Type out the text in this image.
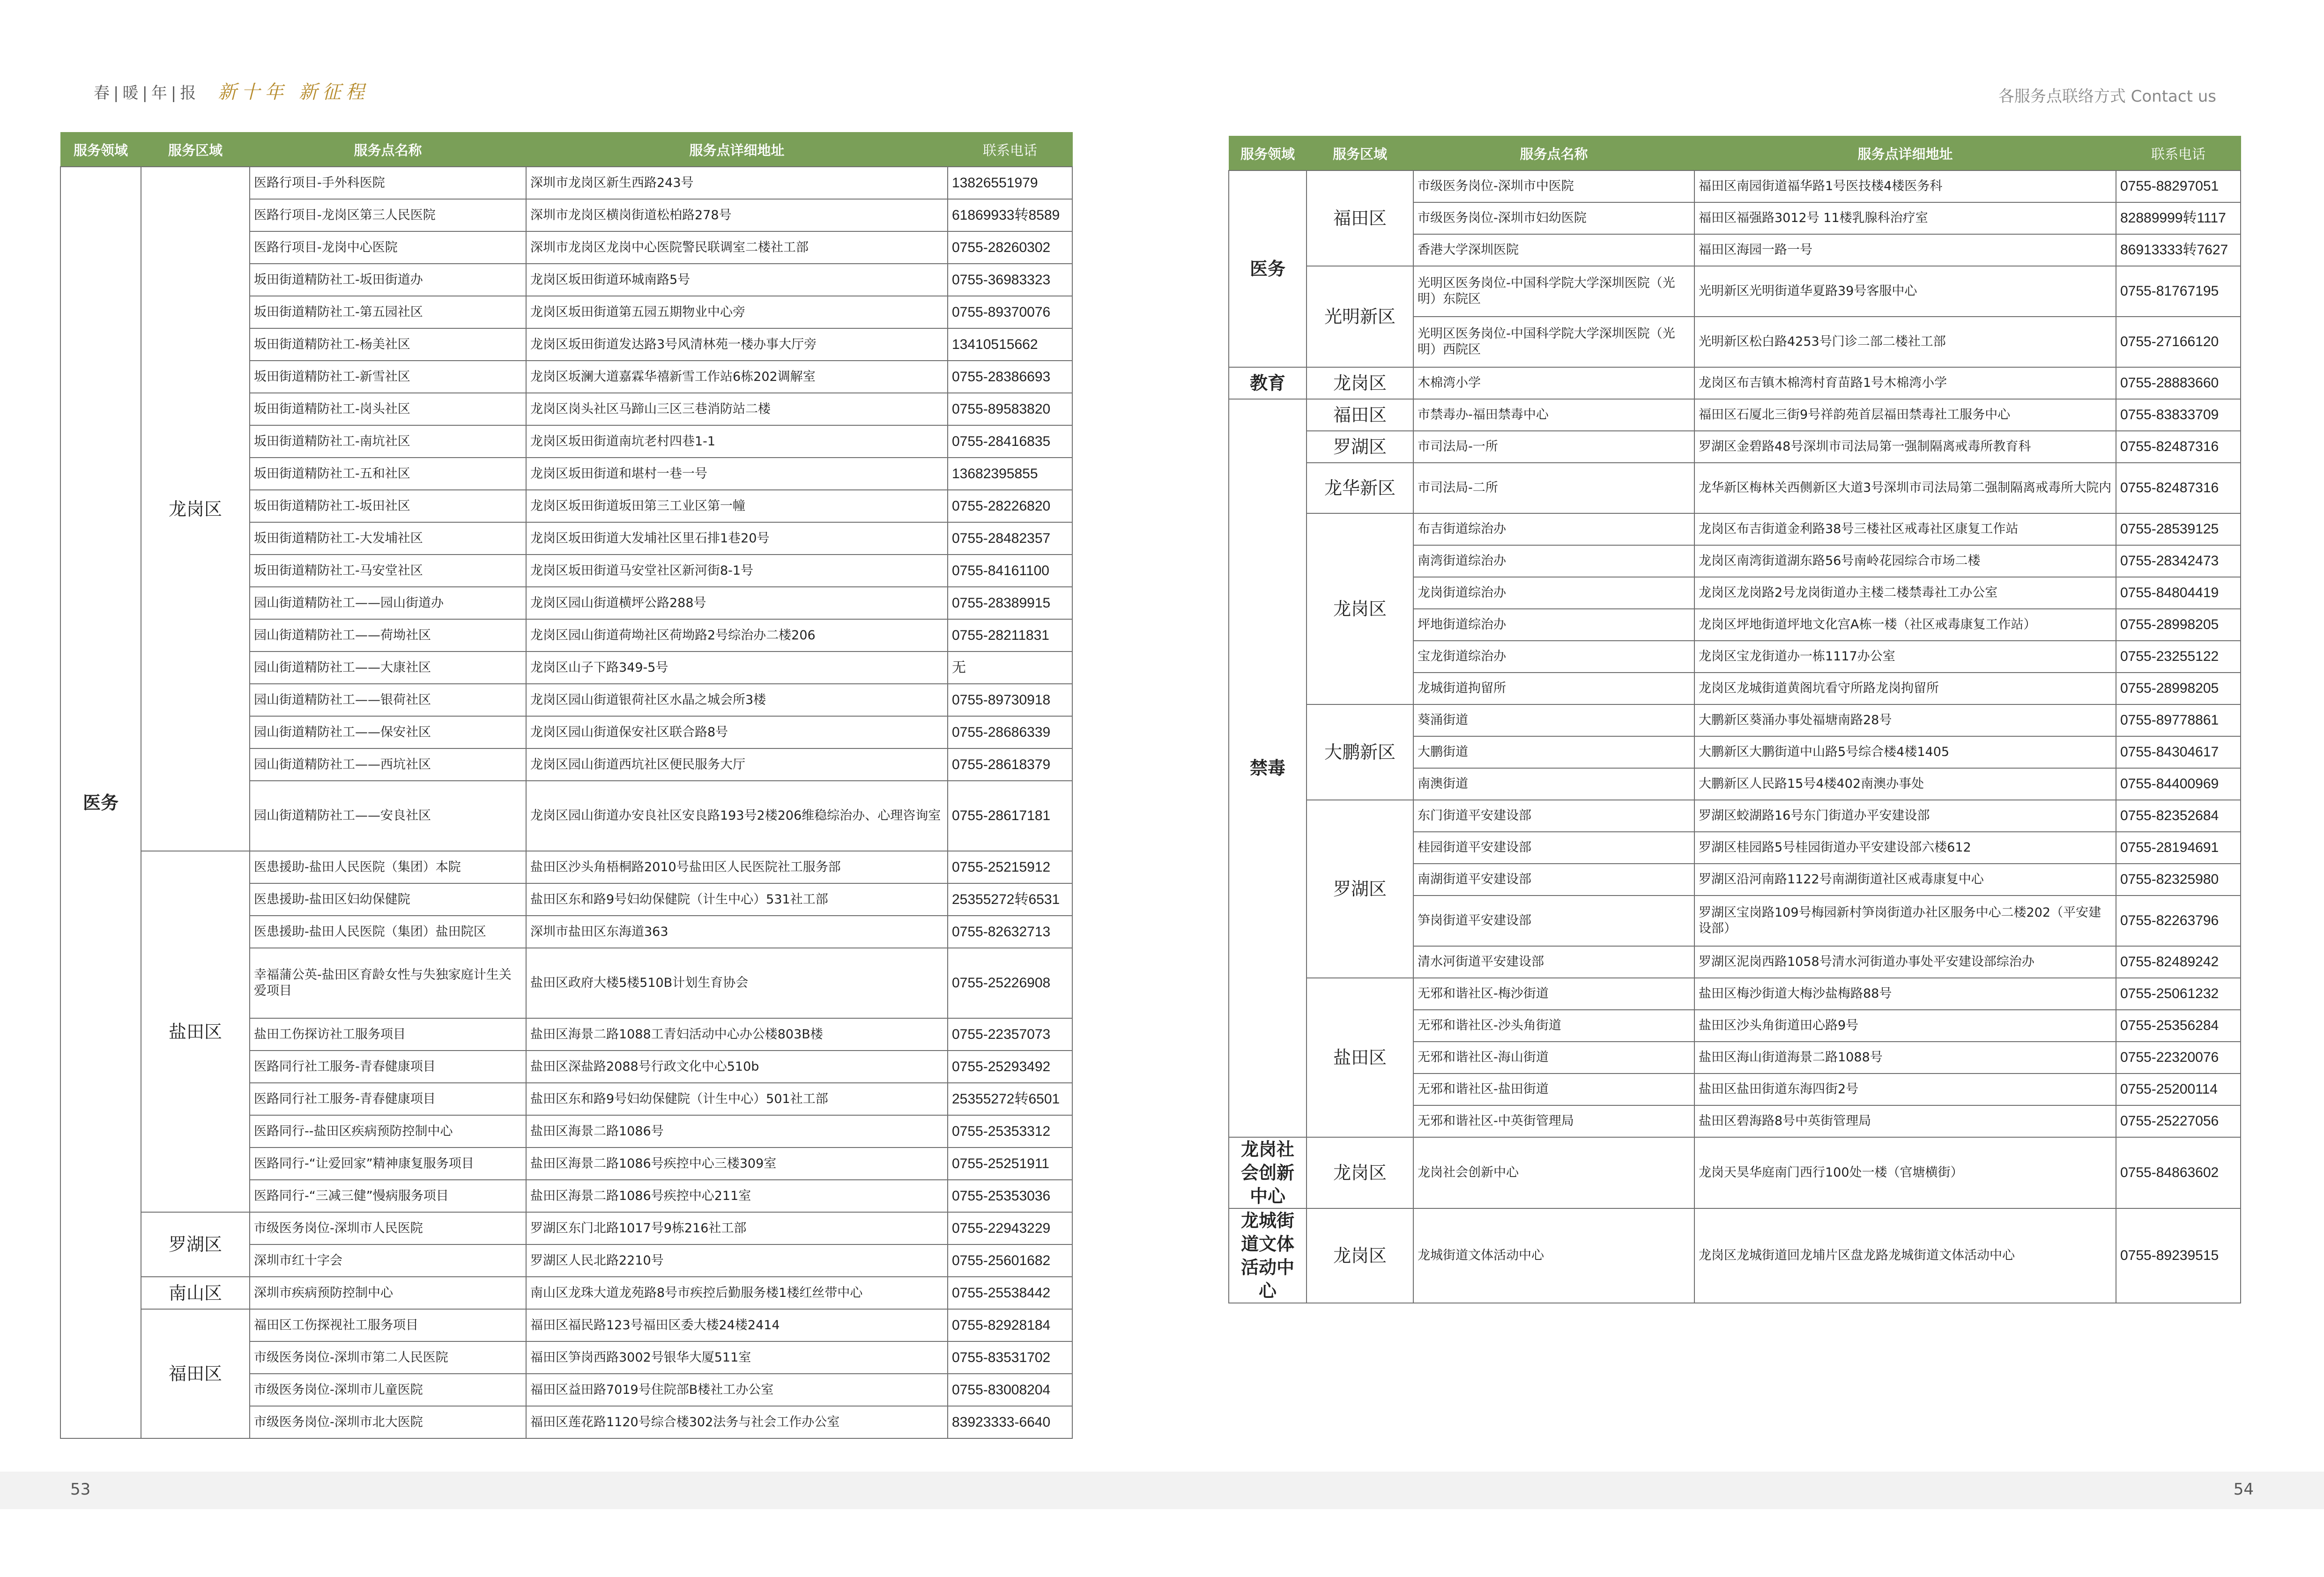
春|暖|年|报 新十年 新征程	各服务点联络方式 Contact us
服务领域	服务区域	服务点名称	服务点详细地址	联系电话
医务	龙岗区	医路行项目-手外科医院	深圳市龙岗区新生西路243号	13826551979
		医路行项目-龙岗区第三人民医院	深圳市龙岗区横岗街道松柏路278号	61869933转8589
		医路行项目-龙岗中心医院	深圳市龙岗区龙岗中心医院警民联调室二楼社工部	0755-28260302
		坂田街道精防社工-坂田街道办	龙岗区坂田街道环城南路5号	0755-36983323
		坂田街道精防社工-第五园社区	龙岗区坂田街道第五园五期物业中心旁	0755-89370076
		坂田街道精防社工-杨美社区	龙岗区坂田街道发达路3号风清林苑一楼办事大厅旁	13410515662
		坂田街道精防社工-新雪社区	龙岗区坂澜大道嘉霖华禧新雪工作站6栋202调解室	0755-28386693
		坂田街道精防社工-岗头社区	龙岗区岗头社区马蹄山三区三巷消防站二楼	0755-89583820
		坂田街道精防社工-南坑社区	龙岗区坂田街道南坑老村四巷1-1	0755-28416835
		坂田街道精防社工-五和社区	龙岗区坂田街道和堪村一巷一号	13682395855
		坂田街道精防社工-坂田社区	龙岗区坂田街道坂田第三工业区第一幢	0755-28226820
		坂田街道精防社工-大发埔社区	龙岗区坂田街道大发埔社区里石排1巷20号	0755-28482357
		坂田街道精防社工-马安堂社区	龙岗区坂田街道马安堂社区新河街8-1号	0755-84161100
		园山街道精防社工——园山街道办	龙岗区园山街道横坪公路288号	0755-28389915
		园山街道精防社工——荷坳社区	龙岗区园山街道荷坳社区荷坳路2号综治办二楼206	0755-28211831
		园山街道精防社工——大康社区	龙岗区山子下路349-5号	无
		园山街道精防社工——银荷社区	龙岗区园山街道银荷社区水晶之城会所3楼	0755-89730918
		园山街道精防社工——保安社区	龙岗区园山街道保安社区联合路8号	0755-28686339
		园山街道精防社工——西坑社区	龙岗区园山街道西坑社区便民服务大厅	0755-28618379
		园山街道精防社工——安良社区	龙岗区园山街道办安良社区安良路193号2楼206维稳综治办、心理咨询室	0755-28617181
	盐田区	医患援助-盐田人民医院（集团）本院	盐田区沙头角梧桐路2010号盐田区人民医院社工服务部	0755-25215912
		医患援助-盐田区妇幼保健院	盐田区东和路9号妇幼保健院（计生中心）531社工部	25355272转6531
		医患援助-盐田人民医院（集团）盐田院区	深圳市盐田区东海道363	0755-82632713
		幸福蒲公英-盐田区育龄女性与失独家庭计生关爱项目	盐田区政府大楼5楼510B计划生育协会	0755-25226908
		盐田工伤探访社工服务项目	盐田区海景二路1088工青妇活动中心办公楼803B楼	0755-22357073
		医路同行社工服务-青春健康项目	盐田区深盐路2088号行政文化中心510b	0755-25293492
		医路同行社工服务-青春健康项目	盐田区东和路9号妇幼保健院（计生中心）501社工部	25355272转6501
		医路同行--盐田区疾病预防控制中心	盐田区海景二路1086号	0755-25353312
		医路同行-“让爱回家”精神康复服务项目	盐田区海景二路1086号疾控中心三楼309室	0755-25251911
		医路同行-“三减三健”慢病服务项目	盐田区海景二路1086号疾控中心211室	0755-25353036
	罗湖区	市级医务岗位-深圳市人民医院	罗湖区东门北路1017号9栋216社工部	0755-22943229
		深圳市红十字会	罗湖区人民北路2210号	0755-25601682
	南山区	深圳市疾病预防控制中心	南山区龙珠大道龙苑路8号市疾控后勤服务楼1楼红丝带中心	0755-25538442
	福田区	福田区工伤探视社工服务项目	福田区福民路123号福田区委大楼24楼2414	0755-82928184
		市级医务岗位-深圳市第二人民医院	福田区笋岗西路3002号银华大厦511室	0755-83531702
		市级医务岗位-深圳市儿童医院	福田区益田路7019号住院部B楼社工办公室	0755-83008204
		市级医务岗位-深圳市北大医院	福田区莲花路1120号综合楼302法务与社会工作办公室	83923333-6640
服务领域	服务区域	服务点名称	服务点详细地址	联系电话
医务	福田区	市级医务岗位-深圳市中医院	福田区南园街道福华路1号医技楼4楼医务科	0755-88297051
		市级医务岗位-深圳市妇幼医院	福田区福强路3012号 11楼乳腺科治疗室	82889999转1117
		香港大学深圳医院	福田区海园一路一号	86913333转7627
	光明新区	光明区医务岗位-中国科学院大学深圳医院（光明）东院区	光明新区光明街道华夏路39号客服中心	0755-81767195
		光明区医务岗位-中国科学院大学深圳医院（光明）西院区	光明新区松白路4253号门诊二部二楼社工部	0755-27166120
教育	龙岗区	木棉湾小学	龙岗区布吉镇木棉湾村育苗路1号木棉湾小学	0755-28883660
禁毒	福田区	市禁毒办-福田禁毒中心	福田区石厦北三街9号祥韵苑首层福田禁毒社工服务中心	0755-83833709
	罗湖区	市司法局-一所	罗湖区金碧路48号深圳市司法局第一强制隔离戒毒所教育科	0755-82487316
	龙华新区	市司法局-二所	龙华新区梅林关西侧新区大道3号深圳市司法局第二强制隔离戒毒所大院内	0755-82487316
	龙岗区	布吉街道综治办	龙岗区布吉街道金利路38号三楼社区戒毒社区康复工作站	0755-28539125
		南湾街道综治办	龙岗区南湾街道湖东路56号南岭花园综合市场二楼	0755-28342473
		龙岗街道综治办	龙岗区龙岗路2号龙岗街道办主楼二楼禁毒社工办公室	0755-84804419
		坪地街道综治办	龙岗区坪地街道坪地文化宫A栋一楼（社区戒毒康复工作站）	0755-28998205
		宝龙街道综治办	龙岗区宝龙街道办一栋1117办公室	0755-23255122
		龙城街道拘留所	龙岗区龙城街道黄阁坑看守所路龙岗拘留所	0755-28998205
	大鹏新区	葵涌街道	大鹏新区葵涌办事处福塘南路28号	0755-89778861
		大鹏街道	大鹏新区大鹏街道中山路5号综合楼4楼1405	0755-84304617
		南澳街道	大鹏新区人民路15号4楼402南澳办事处	0755-84400969
	罗湖区	东门街道平安建设部	罗湖区蛟湖路16号东门街道办平安建设部	0755-82352684
		桂园街道平安建设部	罗湖区桂园路5号桂园街道办平安建设部六楼612	0755-28194691
		南湖街道平安建设部	罗湖区沿河南路1122号南湖街道社区戒毒康复中心	0755-82325980
		笋岗街道平安建设部	罗湖区宝岗路109号梅园新村笋岗街道办社区服务中心二楼202（平安建设部）	0755-82263796
		清水河街道平安建设部	罗湖区泥岗西路1058号清水河街道办事处平安建设部综治办	0755-82489242
	盐田区	无邪和谐社区-梅沙街道	盐田区梅沙街道大梅沙盐梅路88号	0755-25061232
		无邪和谐社区-沙头角街道	盐田区沙头角街道田心路9号	0755-25356284
		无邪和谐社区-海山街道	盐田区海山街道海景二路1088号	0755-22320076
		无邪和谐社区-盐田街道	盐田区盐田街道东海四街2号	0755-25200114
		无邪和谐社区-中英街管理局	盐田区碧海路8号中英街管理局	0755-25227056
龙岗社会创新中心	龙岗区	龙岗社会创新中心	龙岗天昊华庭南门西行100处一楼（官塘横街）	0755-84863602
龙城街道文体活动中心	龙岗区	龙城街道文体活动中心	龙岗区龙城街道回龙埔片区盘龙路龙城街道文体活动中心	0755-89239515
53	54
